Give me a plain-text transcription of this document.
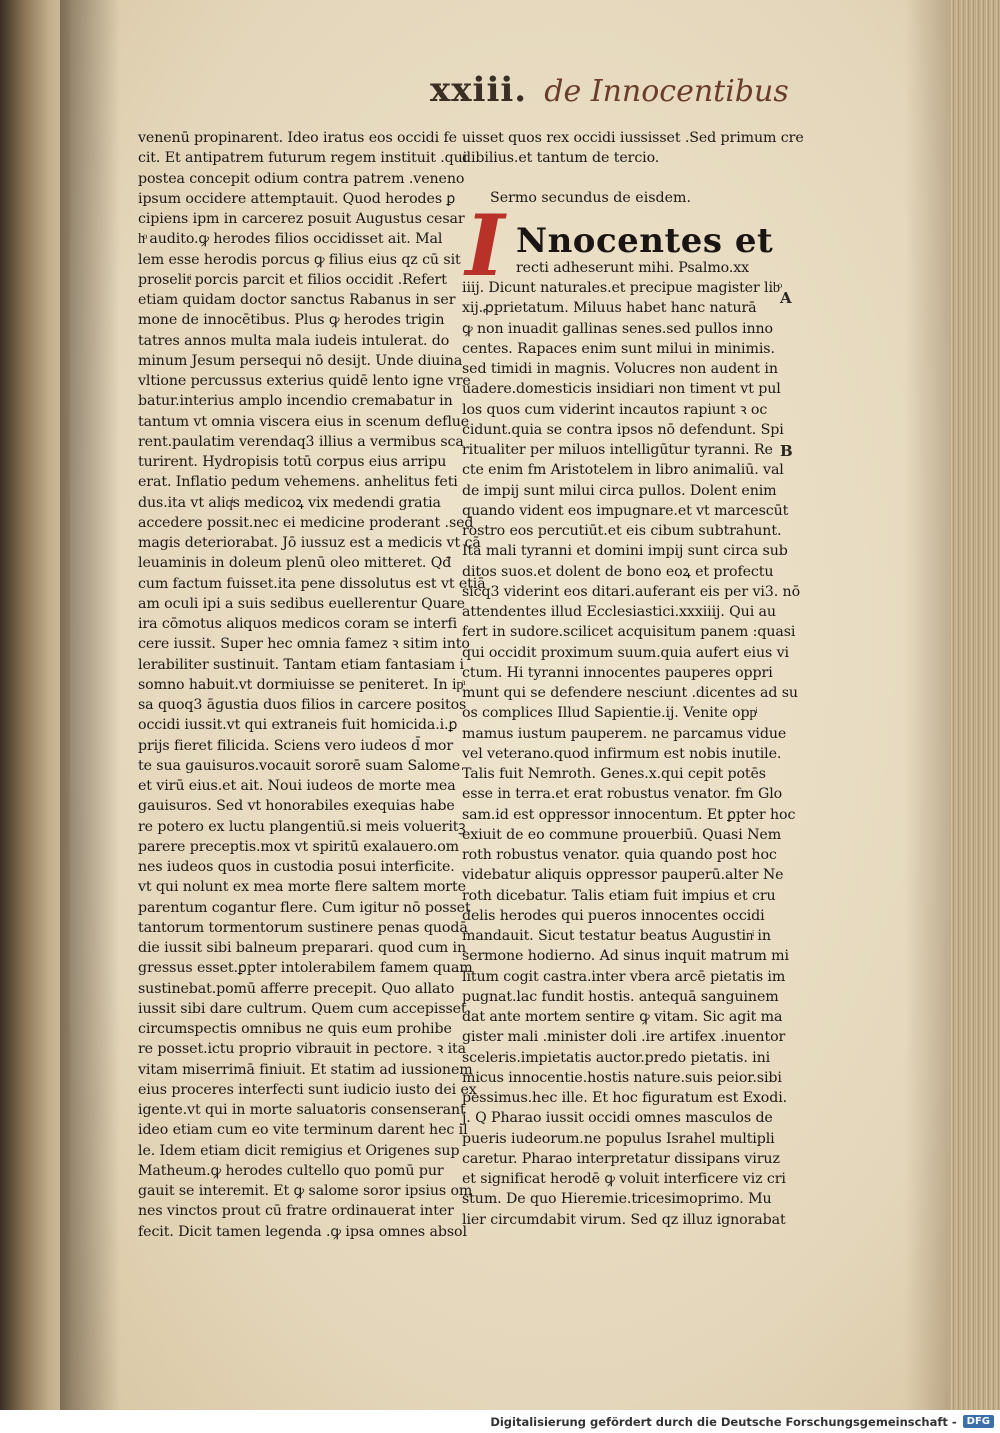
xxiii. de Innocentibus
venenū propinarent. Ideo iratus eos occidi fe
cit. Et antipatrem futurum regem instituit .qui
postea concepit odium contra patrem .veneno
ipsum occidere attemptauit. Quod herodes ꝑ
cipiens ipm in carcerez posuit Augustus cesar
hͦ audito.ꝙ herodes filios occidisset ait. Mal
lem esse herodis porcus ꝙ filius eius qz cū sit
proselitͥ porcis parcit et filios occidit .Refert
etiam quidam doctor sanctus Rabanus in ser
mone de innocētibus. Plus ꝙ herodes trigin
tatres annos multa mala iudeis intulerat. do
minum Jesum persequi nō desijt. Unde diuina
vltione percussus exterius quidē lento igne vre
batur.interius amplo incendio cremabatur in
tantum vt omnia viscera eius in scenum deflue
rent.paulatim verendaq3 illius a vermibus sca
turirent. Hydropisis totū corpus eius arripu
erat. Inflatio pedum vehemens. anhelitus feti
dus.ita vt aliqͥs medicoꝝ vix medendi gratia
accedere possit.nec ei medicine proderant .sed
magis deteriorabat. Jō iussuz est a medicis vt cā
leuaminis in doleum plenū oleo mitteret. Qđ
cum factum fuisset.ita pene dissolutus est vt etiā
am oculi ipi a suis sedibus euellerentur Quare
ira cōmotus aliquos medicos coram se interfi
cere iussit. Super hec omnia famez ꝛ sitim into
lerabiliter sustinuit. Tantam etiam fantasiam i
somno habuit.vt dormiuisse se peniteret. In ipͣ
sa quoq3 āgustia duos filios in carcere positos
occidi iussit.vt qui extraneis fuit homicida.i.ꝑ
prijs fieret filicida. Sciens vero iudeos d̄ mor
te sua gauisuros.vocauit sororē suam Salome
et virū eius.et ait. Noui iudeos de morte mea
gauisuros. Sed vt honorabiles exequias habe
re potero ex luctu plangentiū.si meis volueritꝫ
parere preceptis.mox vt spiritū exalauero.om
nes iudeos quos in custodia posui interficite.
vt qui nolunt ex mea morte flere saltem morte
parentum cogantur flere. Cum igitur nō posset
tantorum tormentorum sustinere penas quodā
die iussit sibi balneum preparari. quod cum in
gressus esset.ꝑpter intolerabilem famem quam
sustinebat.pomū afferre precepit. Quo allato
iussit sibi dare cultrum. Quem cum accepisset.
circumspectis omnibus ne quis eum prohibe
re posset.ictu proprio vibrauit in pectore. ꝛ ita
vitam miserrimā finiuit. Et statim ad iussionem
eius proceres interfecti sunt iudicio iusto dei ex
igente.vt qui in morte saluatoris consenserant
ideo etiam cum eo vite terminum darent hec il
le. Idem etiam dicit remigius et Origenes sup
Matheum.ꝙ herodes cultello quo pomū pur
gauit se interemit. Et ꝙ salome soror ipsius om
nes vinctos prout cū fratre ordinauerat inter
fecit. Dicit tamen legenda .ꝙ ipsa omnes absol
uisset quos rex occidi iussisset .Sed primum cre
dibilius.et tantum de tercio.
Sermo secundus de eisdem.
I Nnocentes et
recti adheserunt mihi. Psalmo.xx
iiij. Dicunt naturales.et precipue magister libͦ
xij.ꝓprietatum. Miluus habet hanc naturā
ꝙ non inuadit gallinas senes.sed pullos inno
centes. Rapaces enim sunt milui in minimis.
sed timidi in magnis. Volucres non audent in
uadere.domesticis insidiari non timent vt pul
los quos cum viderint incautos rapiunt ꝛ oc
cidunt.quia se contra ipsos nō defendunt. Spi
ritualiter per miluos intelligūtur tyranni. Re
cte enim fm Aristotelem in libro animaliū. val
de impij sunt milui circa pullos. Dolent enim
quando vident eos impugnare.et vt marcescūt
rostro eos percutiūt.et eis cibum subtrahunt.
Ita mali tyranni et domini impij sunt circa sub
ditos suos.et dolent de bono eoꝝ et profectu
sicq3 viderint eos ditari.auferant eis per vi3. nō
attendentes illud Ecclesiastici.xxxiiij. Qui au
fert in sudore.scilicet acquisitum panem :quasi
qui occidit proximum suum.quia aufert eius vi
ctum. Hi tyranni innocentes pauperes oppri
munt qui se defendere nesciunt .dicentes ad su
os complices Illud Sapientie.ij. Venite oppͥ
mamus iustum pauperem. ne parcamus vidue
vel veterano.quod infirmum est nobis inutile.
Talis fuit Nemroth. Genes.x.qui cepit potēs
esse in terra.et erat robustus venator. fm Glo
sam.id est oppressor innocentum. Et ꝑpter hoc
exiuit de eo commune prouerbiū. Quasi Nem
roth robustus venator. quia quando post hoc
videbatur aliquis oppressor pauperū.alter Ne
roth dicebatur. Talis etiam fuit impius et cru
delis herodes qui pueros innocentes occidi
mandauit. Sicut testatur beatus Augustinͥ in
sermone hodierno. Ad sinus inquit matrum mi
litum cogit castra.inter vbera arcē pietatis im
pugnat.lac fundit hostis. antequā sanguinem
dat ante mortem sentire ꝙ vitam. Sic agit ma
gister mali .minister doli .ire artifex .inuentor
sceleris.impietatis auctor.predo pietatis. ini
micus innocentie.hostis nature.suis peior.sibi
pessimus.hec ille. Et hoc figuratum est Exodi.
j. Q Pharao iussit occidi omnes masculos de
pueris iudeorum.ne populus Israhel multipli
caretur. Pharao interpretatur dissipans viruz
et significat herodē ꝙ voluit interficere viz cri
stum. De quo Hieremie.tricesimoprimo. Mu
lier circumdabit virum. Sed qz illuz ignorabat
A
B
Digitalisierung gefördert durch die Deutsche Forschungsgemeinschaft -	DFG
